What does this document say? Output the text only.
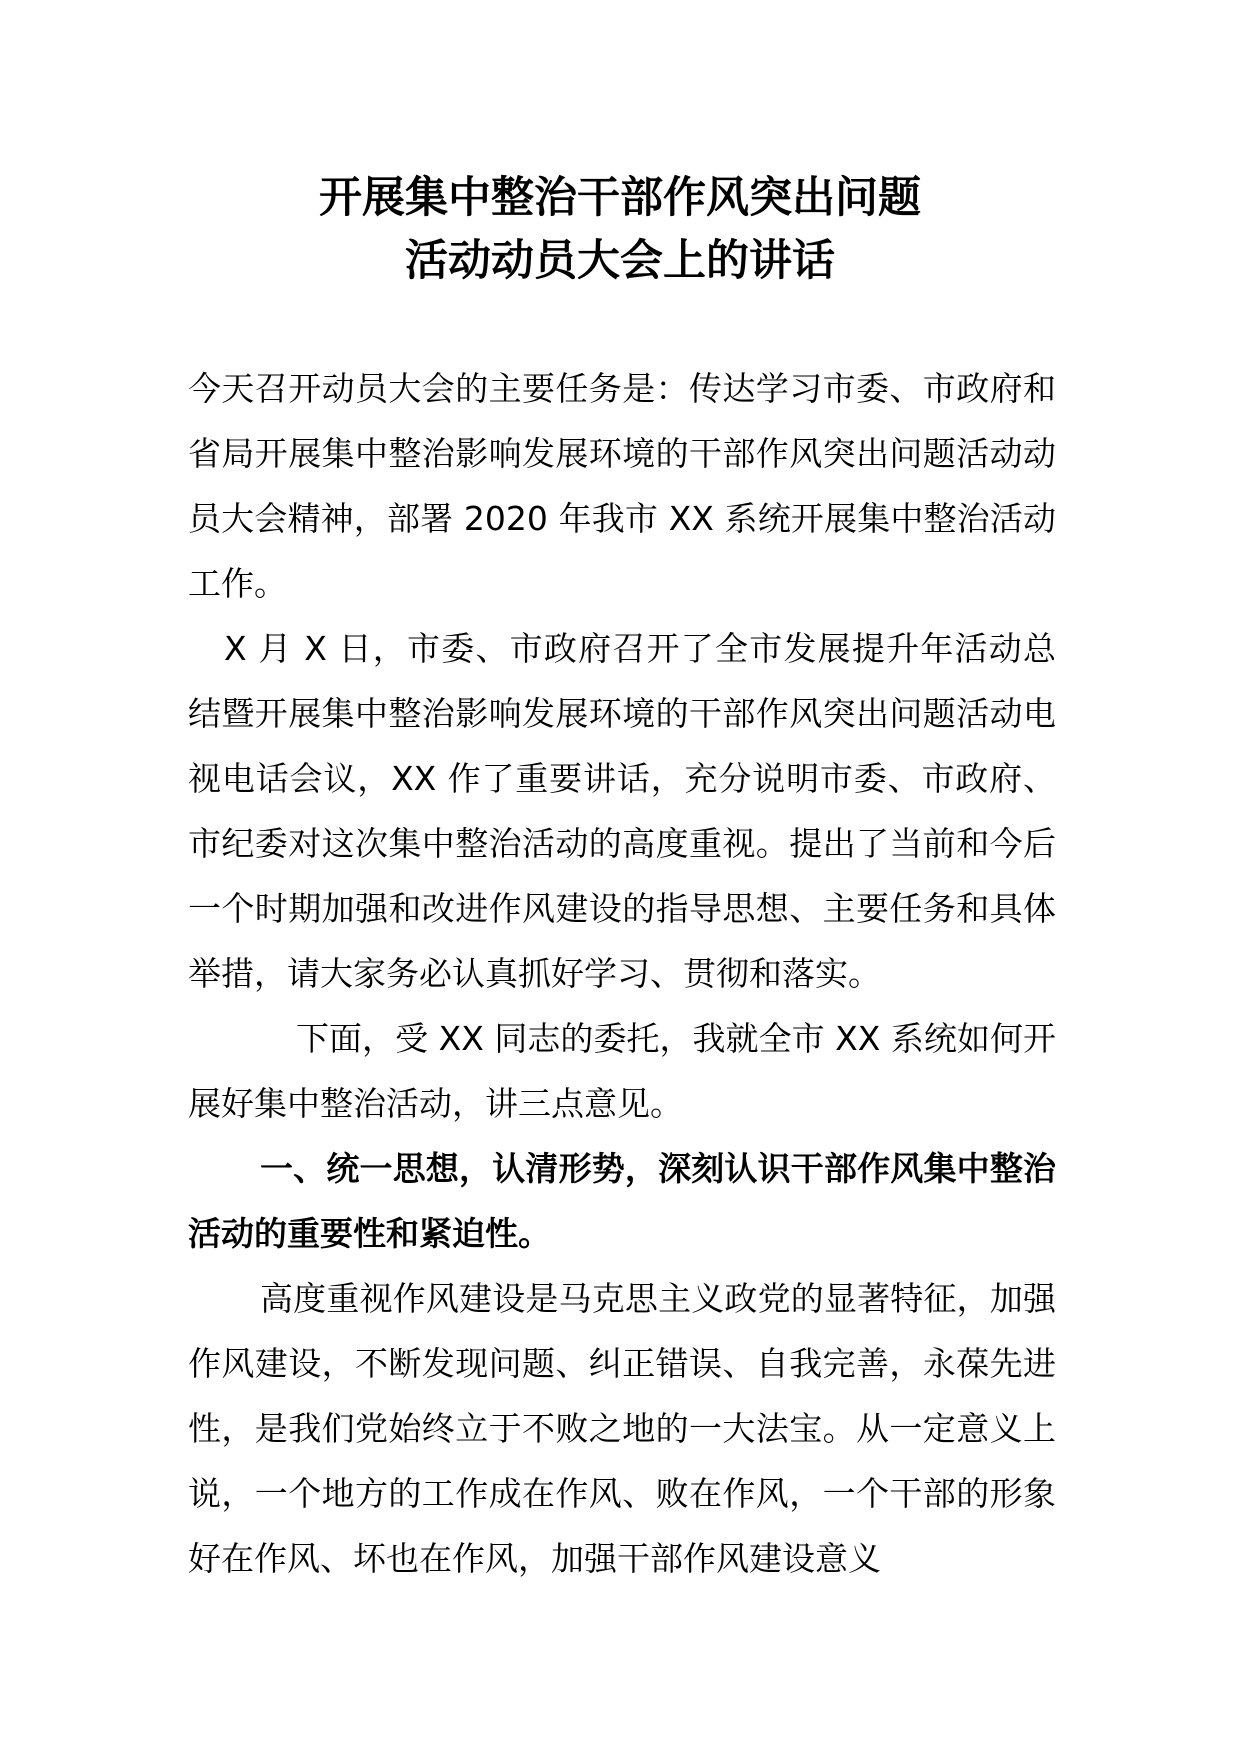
开展集中整治干部作风突出问题
活动动员大会上的讲话

今天召开动员大会的主要任务是：传达学习市委、市政府和省局开展集中整治影响发展环境的干部作风突出问题活动动员大会精神，部署 2020 年我市 XX 系统开展集中整治活动工作。

X 月 X 日，市委、市政府召开了全市发展提升年活动总结暨开展集中整治影响发展环境的干部作风突出问题活动电视电话会议，XX 作了重要讲话，充分说明市委、市政府、市纪委对这次集中整治活动的高度重视。提出了当前和今后一个时期加强和改进作风建设的指导思想、主要任务和具体举措，请大家务必认真抓好学习、贯彻和落实。

下面，受 XX 同志的委托，我就全市 XX 系统如何开展好集中整治活动，讲三点意见。

一、统一思想，认清形势，深刻认识干部作风集中整治活动的重要性和紧迫性。

高度重视作风建设是马克思主义政党的显著特征，加强作风建设，不断发现问题、纠正错误、自我完善，永葆先进性，是我们党始终立于不败之地的一大法宝。从一定意义上说，一个地方的工作成在作风、败在作风，一个干部的形象好在作风、坏也在作风，加强干部作风建设意义
